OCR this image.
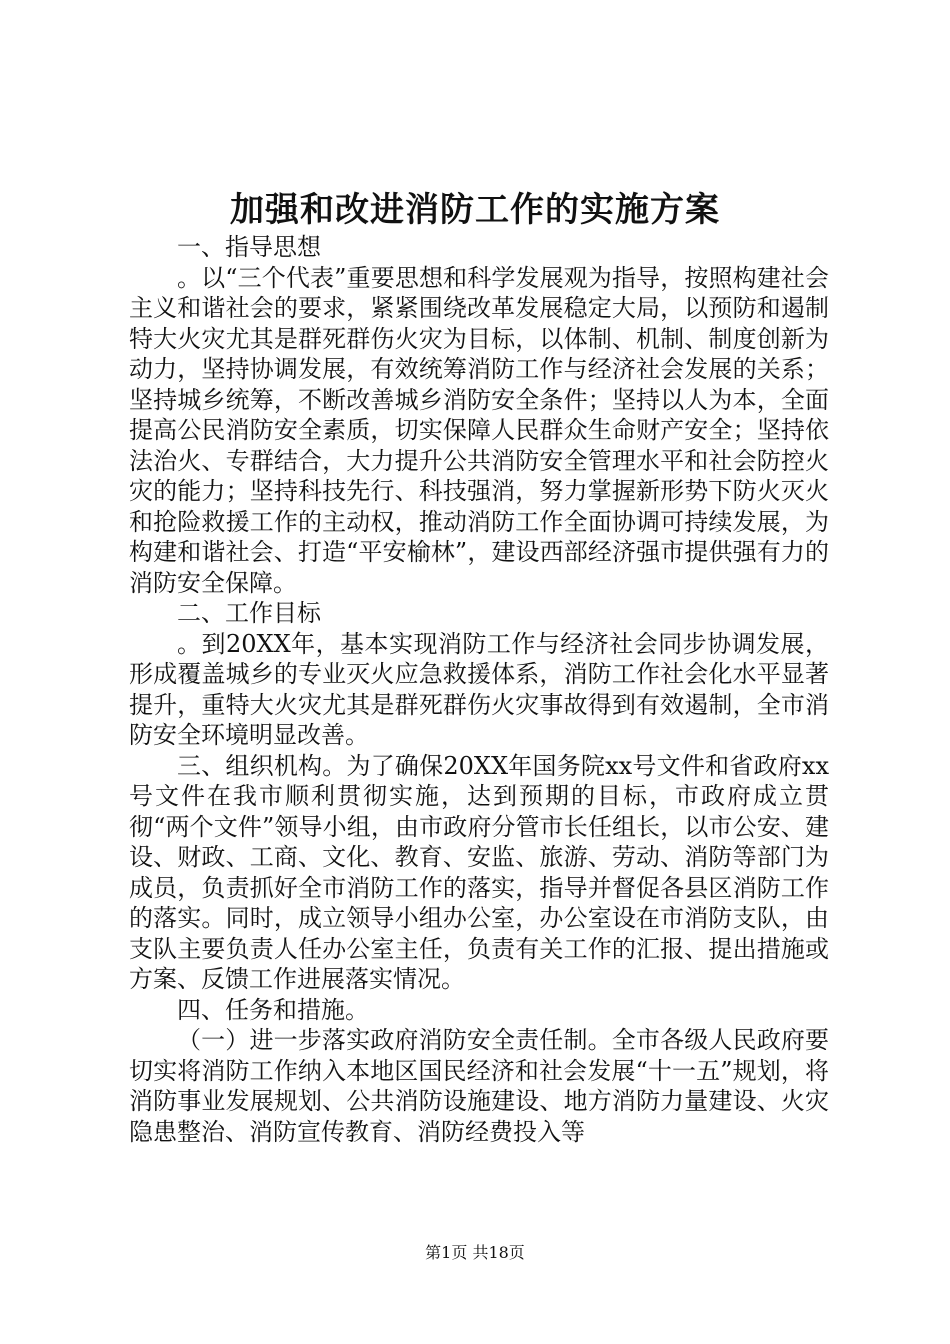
加强和改进消防工作的实施方案

一、指导思想

。以“三个代表”重要思想和科学发展观为指导，按照构建社会主义和谐社会的要求，紧紧围绕改革发展稳定大局，以预防和遏制特大火灾尤其是群死群伤火灾为目标，以体制、机制、制度创新为动力，坚持协调发展，有效统筹消防工作与经济社会发展的关系；坚持城乡统筹，不断改善城乡消防安全条件；坚持以人为本，全面提高公民消防安全素质，切实保障人民群众生命财产安全；坚持依法治火、专群结合，大力提升公共消防安全管理水平和社会防控火灾的能力；坚持科技先行、科技强消，努力掌握新形势下防火灭火和抢险救援工作的主动权，推动消防工作全面协调可持续发展，为构建和谐社会、打造“平安榆林”，建设西部经济强市提供强有力的消防安全保障。

二、工作目标

。到20XX年，基本实现消防工作与经济社会同步协调发展，形成覆盖城乡的专业灭火应急救援体系，消防工作社会化水平显著提升，重特大火灾尤其是群死群伤火灾事故得到有效遏制，全市消防安全环境明显改善。

三、组织机构。为了确保20XX年国务院xx号文件和省政府xx号文件在我市顺利贯彻实施，达到预期的目标，市政府成立贯彻“两个文件”领导小组，由市政府分管市长任组长，以市公安、建设、财政、工商、文化、教育、安监、旅游、劳动、消防等部门为成员，负责抓好全市消防工作的落实，指导并督促各县区消防工作的落实。同时，成立领导小组办公室，办公室设在市消防支队，由支队主要负责人任办公室主任，负责有关工作的汇报、提出措施或方案、反馈工作进展落实情况。

四、任务和措施。

（一）进一步落实政府消防安全责任制。全市各级人民政府要切实将消防工作纳入本地区国民经济和社会发展“十一五”规划，将消防事业发展规划、公共消防设施建设、地方消防力量建设、火灾隐患整治、消防宣传教育、消防经费投入等

第1页 共18页
